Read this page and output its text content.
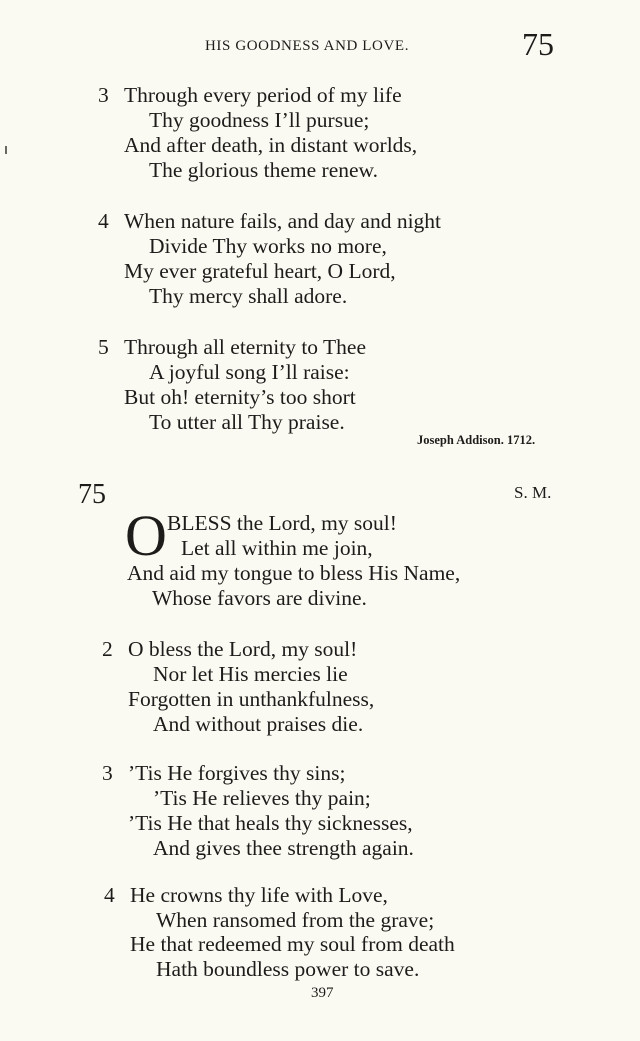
HIS GOODNESS AND LOVE.	75
3 Through every period of my life
Thy goodness I’ll pursue;
And after death, in distant worlds,
The glorious theme renew.
4 When nature fails, and day and night
Divide Thy works no more,
My ever grateful heart, O Lord,
Thy mercy shall adore.
5 Through all eternity to Thee
A joyful song I’ll raise:
But oh! eternity’s too short
To utter all Thy praise.
Joseph Addison. 1712.
75	S. M.
O BLESS the Lord, my soul!
Let all within me join,
And aid my tongue to bless His Name,
Whose favors are divine.
2 O bless the Lord, my soul!
Nor let His mercies lie
Forgotten in unthankfulness,
And without praises die.
3 ’Tis He forgives thy sins;
’Tis He relieves thy pain;
’Tis He that heals thy sicknesses,
And gives thee strength again.
4 He crowns thy life with Love,
When ransomed from the grave;
He that redeemed my soul from death
Hath boundless power to save.
397
